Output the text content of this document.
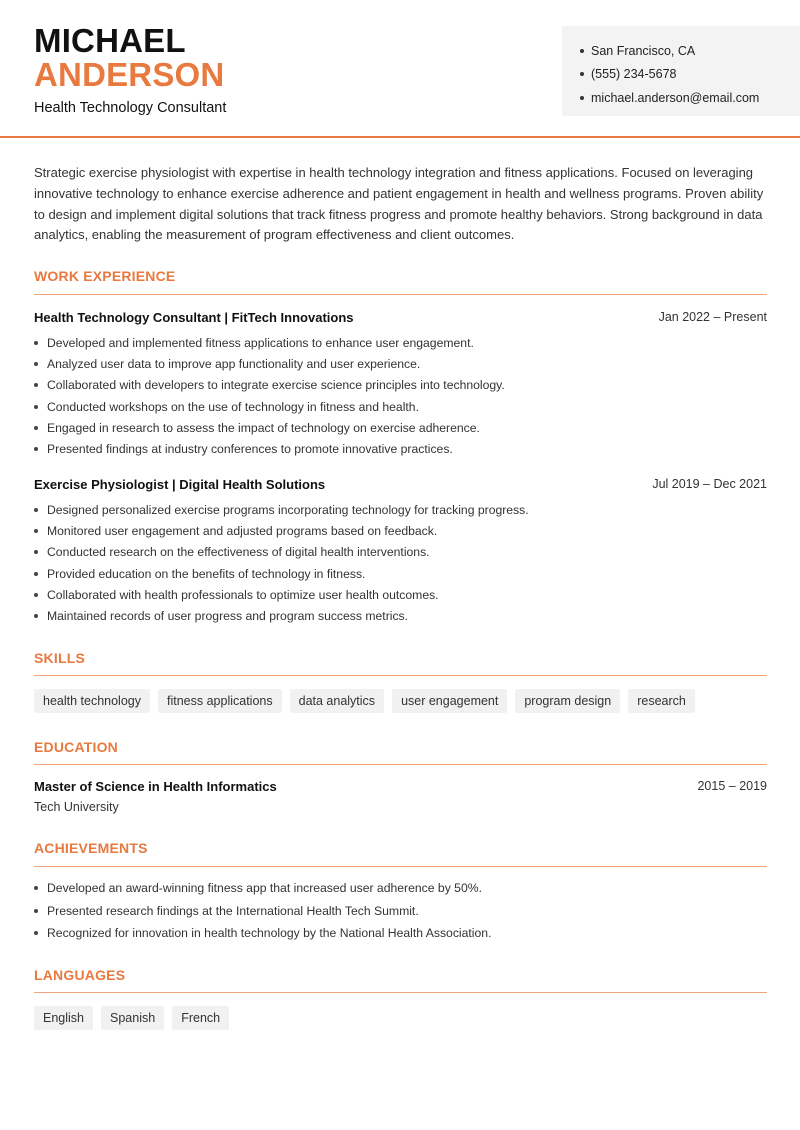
MICHAEL
ANDERSON
Health Technology Consultant
San Francisco, CA
(555) 234-5678
michael.anderson@email.com

Strategic exercise physiologist with expertise in health technology integration and fitness applications. Focused on leveraging innovative technology to enhance exercise adherence and patient engagement in health and wellness programs. Proven ability to design and implement digital solutions that track fitness progress and promote healthy behaviors. Strong background in data analytics, enabling the measurement of program effectiveness and client outcomes.

WORK EXPERIENCE
Health Technology Consultant | FitTech Innovations	Jan 2022 – Present
Developed and implemented fitness applications to enhance user engagement.
Analyzed user data to improve app functionality and user experience.
Collaborated with developers to integrate exercise science principles into technology.
Conducted workshops on the use of technology in fitness and health.
Engaged in research to assess the impact of technology on exercise adherence.
Presented findings at industry conferences to promote innovative practices.
Exercise Physiologist | Digital Health Solutions	Jul 2019 – Dec 2021
Designed personalized exercise programs incorporating technology for tracking progress.
Monitored user engagement and adjusted programs based on feedback.
Conducted research on the effectiveness of digital health interventions.
Provided education on the benefits of technology in fitness.
Collaborated with health professionals to optimize user health outcomes.
Maintained records of user progress and program success metrics.
SKILLS
health technology	fitness applications	data analytics	user engagement	program design	research
EDUCATION
Master of Science in Health Informatics	2015 – 2019
Tech University
ACHIEVEMENTS
Developed an award-winning fitness app that increased user adherence by 50%.
Presented research findings at the International Health Tech Summit.
Recognized for innovation in health technology by the National Health Association.
LANGUAGES
English	Spanish	French
